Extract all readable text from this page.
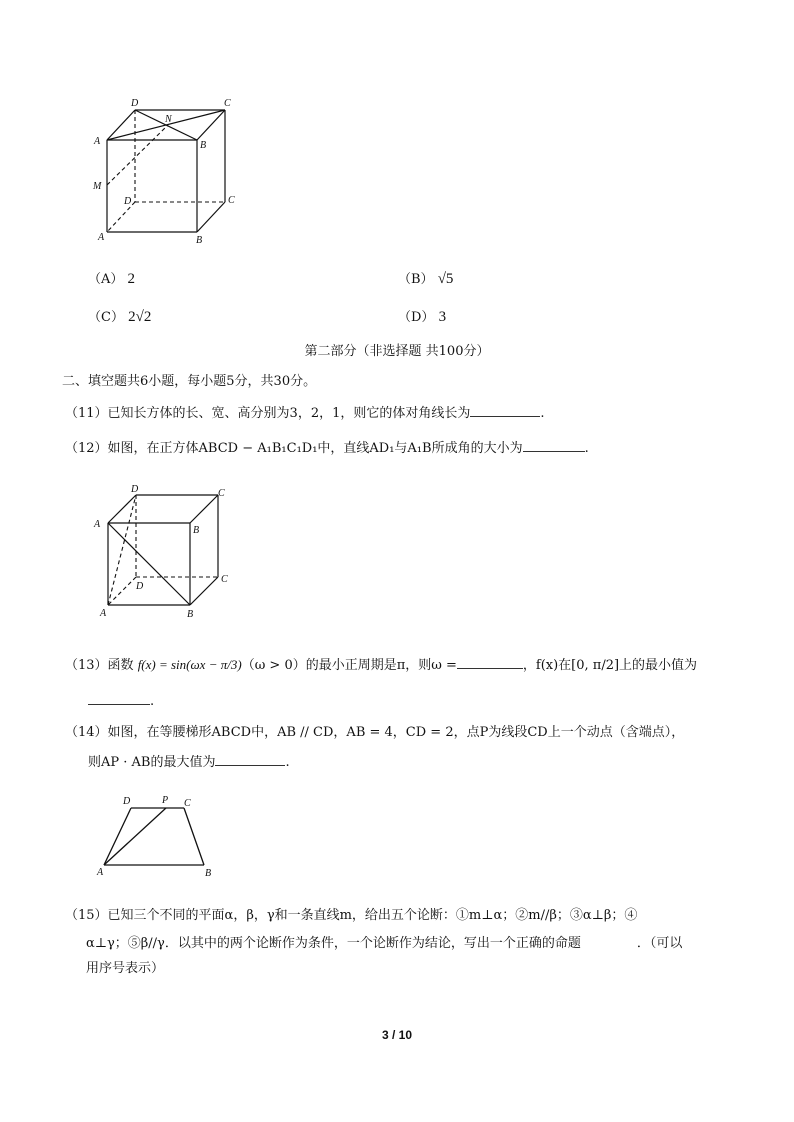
D	C
N
A	B
M
D	C
A	B
（A） 2	（B） √5
（C） 2√2	（D） 3
第二部分（非选择题 共100分）
二、填空题共6小题，每小题5分，共30分。
（11）已知长方体的长、宽、高分别为3，2，1，则它的体对角线长为	.
（12）如图，在正方体ABCD − A₁B₁C₁D₁中，直线AD₁与A₁B所成角的大小为	.
D	C
A
B
D
C
A	B
（13）函数 f(x) = sin(ωx − π/3)（ω > 0）的最小正周期是π，则ω =	，f(x)在[0, π/2]上的最小值为
.
（14）如图，在等腰梯形ABCD中，AB // CD，AB = 4，CD = 2，点P为线段CD上一个动点（含端点），
则AP · AB的最大值为	.
D	P C
A	B
（15）已知三个不同的平面α，β，γ和一条直线m，给出五个论断：①m⊥α；②m//β；③α⊥β；④
α⊥γ；⑤β//γ．以其中的两个论断作为条件，一个论断作为结论，写出一个正确的命题	．（可以
用序号表示）
3 / 10
